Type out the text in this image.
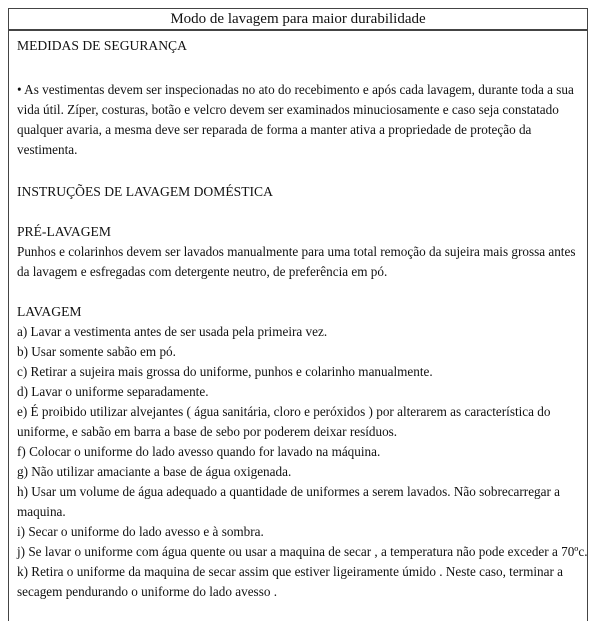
Modo de lavagem para maior durabilidade
MEDIDAS DE SEGURANÇA
• As vestimentas devem ser inspecionadas no ato do recebimento e após cada lavagem, durante toda a sua
vida útil. Zíper, costuras, botão e velcro devem ser examinados minuciosamente e caso seja constatado
qualquer avaria, a mesma deve ser reparada de forma a manter ativa a propriedade de proteção da
vestimenta.
INSTRUÇÕES DE LAVAGEM DOMÉSTICA
PRÉ-LAVAGEM
Punhos e colarinhos devem ser lavados manualmente para uma total remoção da sujeira mais grossa antes
da lavagem e esfregadas com detergente neutro, de preferência em pó.
LAVAGEM
a) Lavar a vestimenta antes de ser usada pela primeira vez.
b) Usar somente sabão em pó.
c) Retirar a sujeira mais grossa do uniforme, punhos e colarinho manualmente.
d) Lavar o uniforme separadamente.
e) É proibido utilizar alvejantes ( água sanitária, cloro e peróxidos ) por alterarem as característica do
uniforme, e sabão em barra a base de sebo por poderem deixar resíduos.
f) Colocar o uniforme do lado avesso quando for lavado na máquina.
g) Não utilizar amaciante a base de água oxigenada.
h) Usar um volume de água adequado a quantidade de uniformes a serem lavados. Não sobrecarregar a
maquina.
i) Secar o uniforme do lado avesso e à sombra.
j) Se lavar o uniforme com água quente ou usar a maquina de secar , a temperatura não pode exceder a 70ºc.
k) Retira o uniforme da maquina de secar assim que estiver ligeiramente úmido . Neste caso, terminar a
secagem pendurando o uniforme do lado avesso .
